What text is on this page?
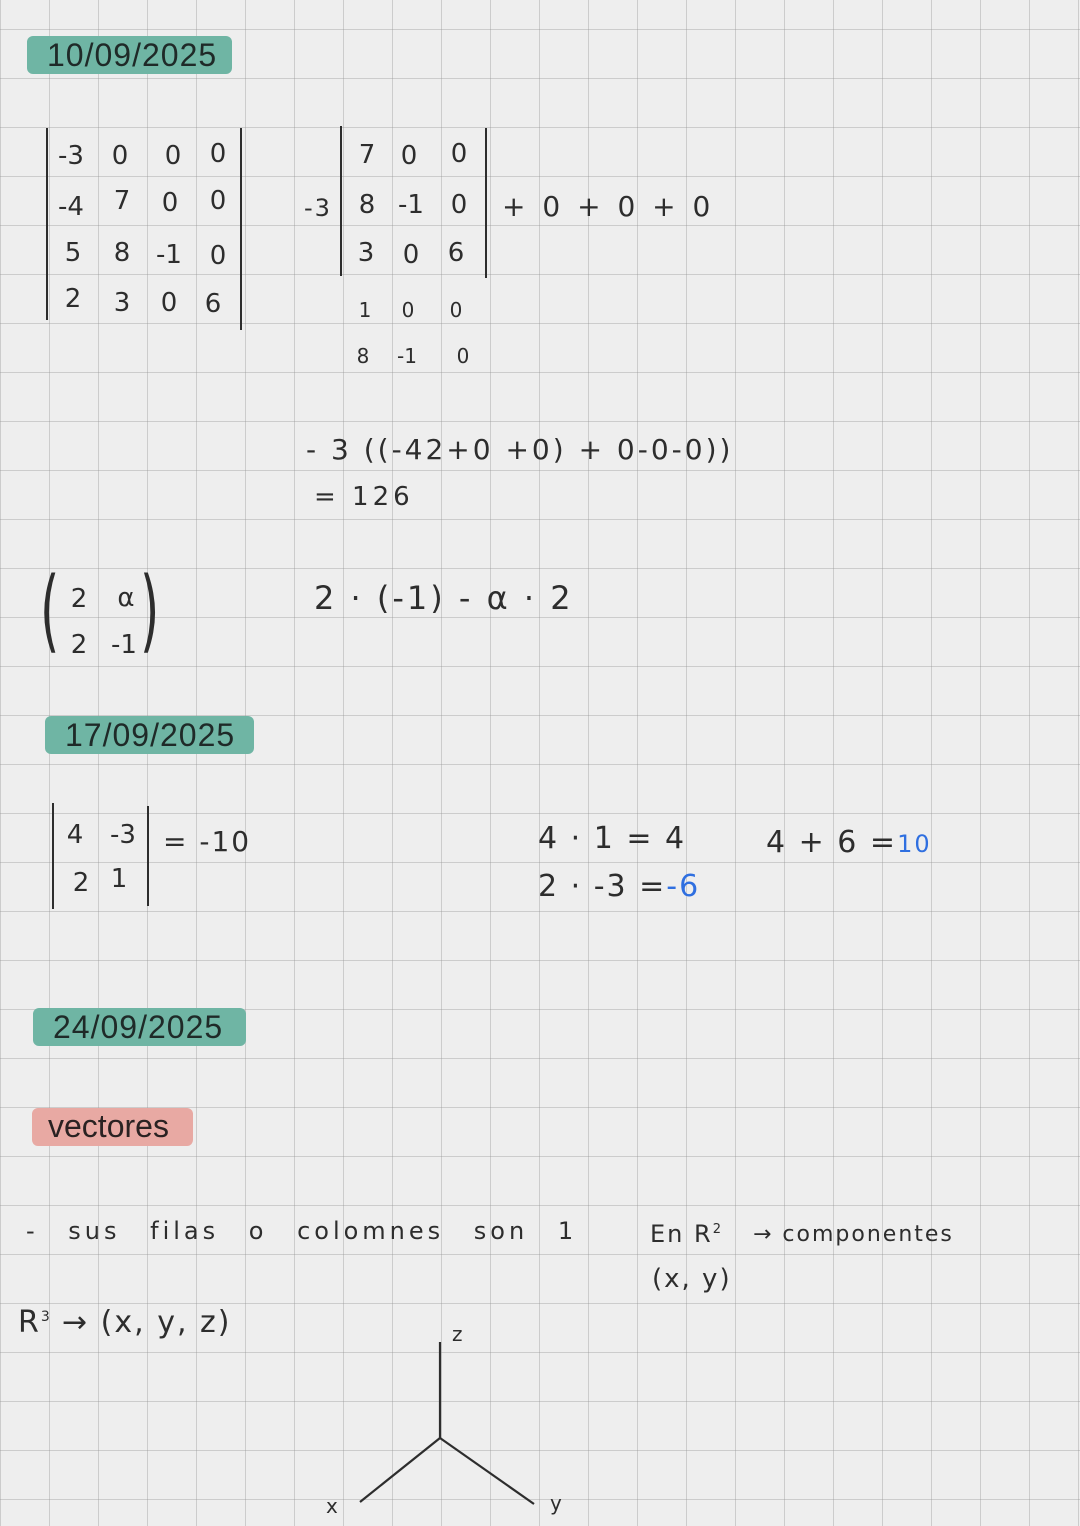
10/09/2025
-3	0	0	0
-4	7	0	0
5	8 -1	0
2	3	0	6
-3
7 0	0
8 -1	0
3	0	6
+ 0 + 0 + 0
1	0	0
8	-1	0
- 3 ((-42+0 +0) + 0-0-0))
= 126
( )
2	α
2 -1
2 · (-1) - α · 2
17/09/2025
4	-3
2 1
= -10	4 · 1 = 4
2 · -3 =-6
4 + 6 =10
24/09/2025
vectores
- sus filas o colomnes son 1	En $R^2$ → componentes
(x, y)
$R^3 \to (x$, y, z)	z
x	y
